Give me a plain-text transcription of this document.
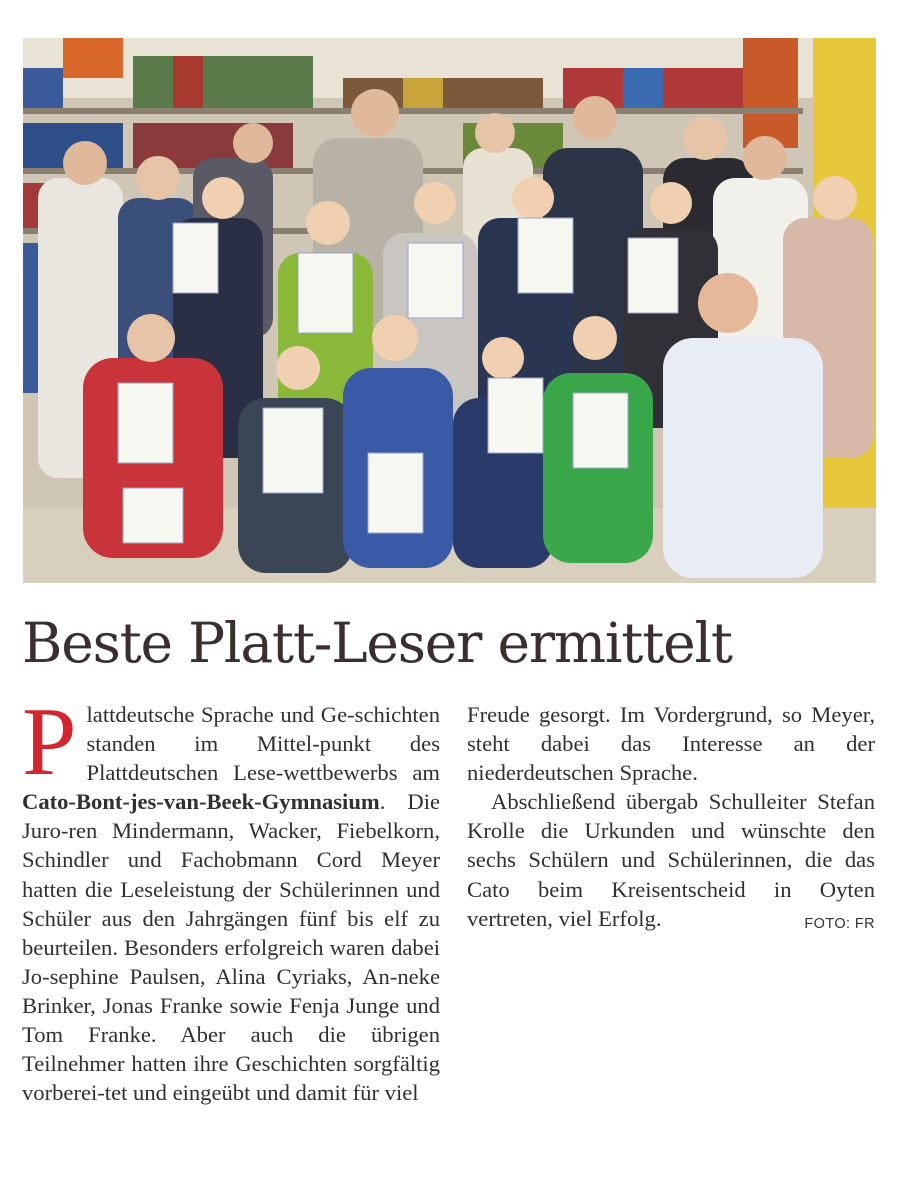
Beste Platt-Leser ermittelt

Plattdeutsche Sprache und Ge-schichten standen im Mittel-punkt des Plattdeutschen Lese-wettbewerbs am Cato-Bont-jes-van-Beek-Gymnasium. Die Juro-ren Mindermann, Wacker, Fiebelkorn, Schindler und Fachobmann Cord Meyer hatten die Leseleistung der Schülerinnen und Schüler aus den Jahrgängen fünf bis elf zu beurteilen. Besonders erfolgreich waren dabei Jo-sephine Paulsen, Alina Cyriaks, An-neke Brinker, Jonas Franke sowie Fenja Junge und Tom Franke. Aber auch die übrigen Teilnehmer hatten ihre Geschichten sorgfältig vorberei-tet und eingeübt und damit für viel

Freude gesorgt. Im Vordergrund, so Meyer, steht dabei das Interesse an der niederdeutschen Sprache.

Abschließend übergab Schulleiter Stefan Krolle die Urkunden und wünschte den sechs Schülern und Schülerinnen, die das Cato beim Kreisentscheid in Oyten vertreten, viel Erfolg.	FOTO: FR
